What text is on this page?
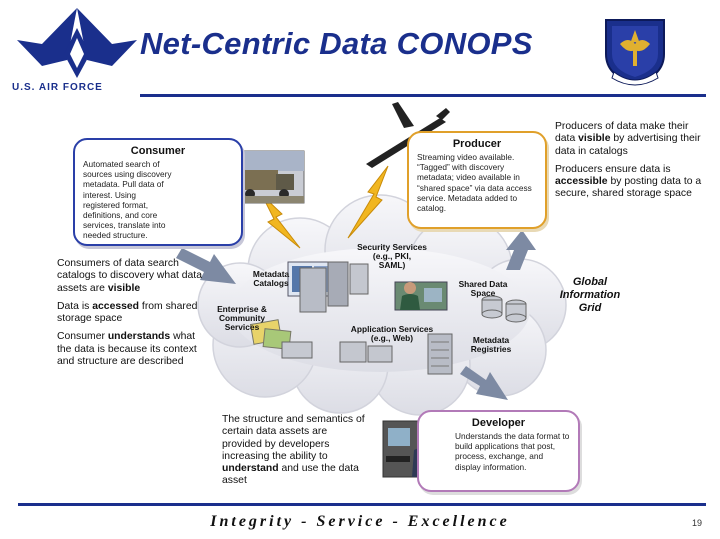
U.S. AIR FORCE
Net-Centric Data CONOPS
Consumer
Automated search of sources using discovery metadata. Pull data of interest. Using registered format, definitions, and core services, translate into needed structure.
Producer
Streaming video available. “Tagged” with discovery metadata; video available in “shared space” via data access service. Metadata added to catalog.
Developer
Understands the data format to build applications that post, process, exchange, and display information.

Consumers of data search catalogs to discovery what data assets are visible

Data is accessed from shared storage space

Consumer understands what the data is because its context and structure are described

Producers of data make their data visible by advertising their data in catalogs

Producers ensure data is accessible by posting data to a secure, shared storage space

The structure and semantics of certain data assets are provided by developers increasing the ability to understand and use the data asset
Metadata
Catalogs
Security Services
(e.g., PKI,
SAML)
Shared Data
Space
Enterprise &
Community
Services	Application Services
(e.g., Web)	Metadata
Registries
Global
Information
Grid
Integrity - Service - Excellence	19
